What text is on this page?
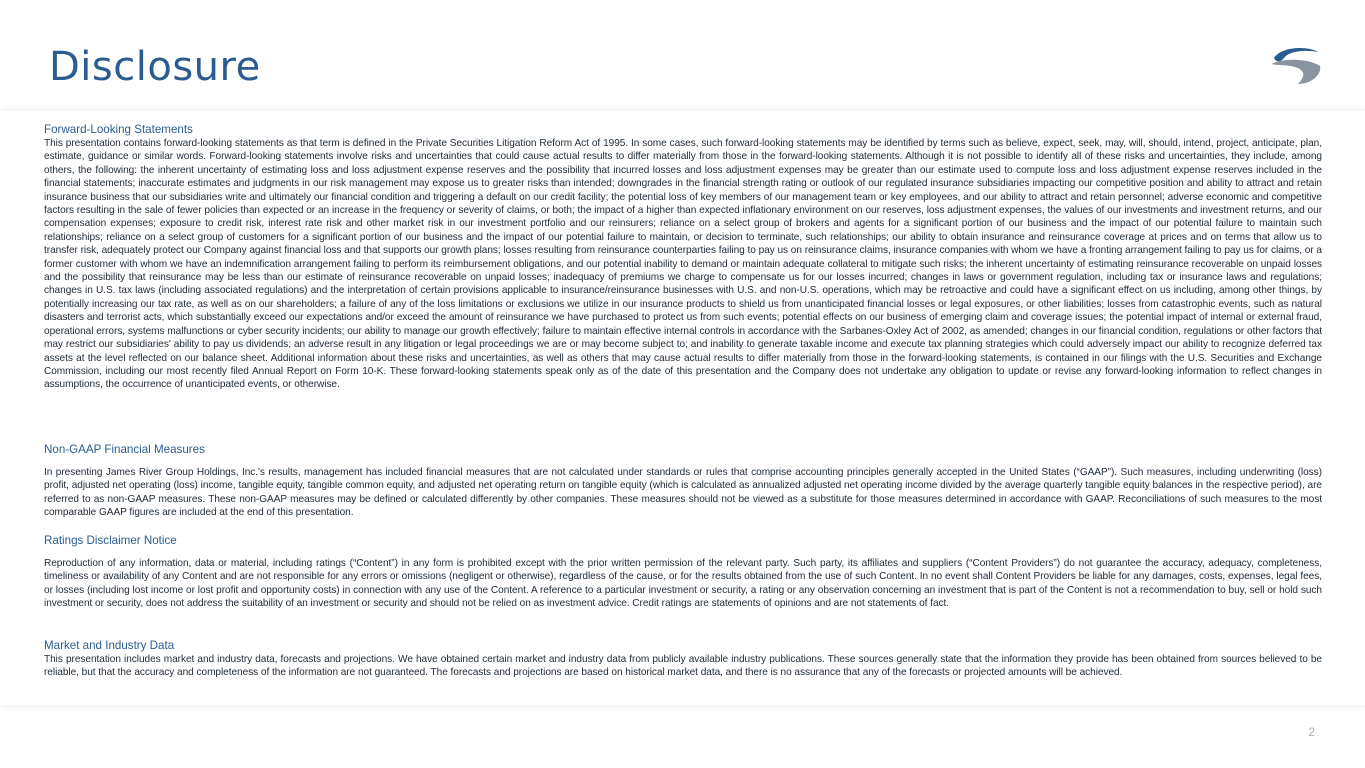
Disclosure

Forward-Looking Statements

This presentation contains forward-looking statements as that term is defined in the Private Securities Litigation Reform Act of 1995. In some cases, such forward-looking statements may be identified by terms such as believe, expect, seek, may, will, should, intend, project, anticipate, plan, estimate, guidance or similar words. Forward-looking statements involve risks and uncertainties that could cause actual results to differ materially from those in the forward-looking statements. Although it is not possible to identify all of these risks and uncertainties, they include, among others, the following: the inherent uncertainty of estimating loss and loss adjustment expense reserves and the possibility that incurred losses and loss adjustment expenses may be greater than our estimate used to compute loss and loss adjustment expense reserves included in the financial statements; inaccurate estimates and judgments in our risk management may expose us to greater risks than intended; downgrades in the financial strength rating or outlook of our regulated insurance subsidiaries impacting our competitive position and ability to attract and retain insurance business that our subsidiaries write and ultimately our financial condition and triggering a default on our credit facility; the potential loss of key members of our management team or key employees, and our ability to attract and retain personnel; adverse economic and competitive factors resulting in the sale of fewer policies than expected or an increase in the frequency or severity of claims, or both; the impact of a higher than expected inflationary environment on our reserves, loss adjustment expenses, the values of our investments and investment returns, and our compensation expenses; exposure to credit risk, interest rate risk and other market risk in our investment portfolio and our reinsurers; reliance on a select group of brokers and agents for a significant portion of our business and the impact of our potential failure to maintain such relationships; reliance on a select group of customers for a significant portion of our business and the impact of our potential failure to maintain, or decision to terminate, such relationships; our ability to obtain insurance and reinsurance coverage at prices and on terms that allow us to transfer risk, adequately protect our Company against financial loss and that supports our growth plans; losses resulting from reinsurance counterparties failing to pay us on reinsurance claims, insurance companies with whom we have a fronting arrangement failing to pay us for claims, or a former customer with whom we have an indemnification arrangement failing to perform its reimbursement obligations, and our potential inability to demand or maintain adequate collateral to mitigate such risks; the inherent uncertainty of estimating reinsurance recoverable on unpaid losses and the possibility that reinsurance may be less than our estimate of reinsurance recoverable on unpaid losses; inadequacy of premiums we charge to compensate us for our losses incurred; changes in laws or government regulation, including tax or insurance laws and regulations; changes in U.S. tax laws (including associated regulations) and the interpretation of certain provisions applicable to insurance/reinsurance businesses with U.S. and non-U.S. operations, which may be retroactive and could have a significant effect on us including, among other things, by potentially increasing our tax rate, as well as on our shareholders; a failure of any of the loss limitations or exclusions we utilize in our insurance products to shield us from unanticipated financial losses or legal exposures, or other liabilities; losses from catastrophic events, such as natural disasters and terrorist acts, which substantially exceed our expectations and/or exceed the amount of reinsurance we have purchased to protect us from such events; potential effects on our business of emerging claim and coverage issues; the potential impact of internal or external fraud, operational errors, systems malfunctions or cyber security incidents; our ability to manage our growth effectively; failure to maintain effective internal controls in accordance with the Sarbanes-Oxley Act of 2002, as amended; changes in our financial condition, regulations or other factors that may restrict our subsidiaries' ability to pay us dividends; an adverse result in any litigation or legal proceedings we are or may become subject to; and inability to generate taxable income and execute tax planning strategies which could adversely impact our ability to recognize deferred tax assets at the level reflected on our balance sheet. Additional information about these risks and uncertainties, as well as others that may cause actual results to differ materially from those in the forward-looking statements, is contained in our filings with the U.S. Securities and Exchange Commission, including our most recently filed Annual Report on Form 10-K. These forward-looking statements speak only as of the date of this presentation and the Company does not undertake any obligation to update or revise any forward-looking information to reflect changes in assumptions, the occurrence of unanticipated events, or otherwise.

Non-GAAP Financial Measures

In presenting James River Group Holdings, Inc.'s results, management has included financial measures that are not calculated under standards or rules that comprise accounting principles generally accepted in the United States (“GAAP”). Such measures, including underwriting (loss) profit, adjusted net operating (loss) income, tangible equity, tangible common equity, and adjusted net operating return on tangible equity (which is calculated as annualized adjusted net operating income divided by the average quarterly tangible equity balances in the respective period), are referred to as non-GAAP measures. These non-GAAP measures may be defined or calculated differently by other companies. These measures should not be viewed as a substitute for those measures determined in accordance with GAAP. Reconciliations of such measures to the most comparable GAAP figures are included at the end of this presentation.

Ratings Disclaimer Notice

Reproduction of any information, data or material, including ratings (“Content”) in any form is prohibited except with the prior written permission of the relevant party. Such party, its affiliates and suppliers (“Content Providers”) do not guarantee the accuracy, adequacy, completeness, timeliness or availability of any Content and are not responsible for any errors or omissions (negligent or otherwise), regardless of the cause, or for the results obtained from the use of such Content. In no event shall Content Providers be liable for any damages, costs, expenses, legal fees, or losses (including lost income or lost profit and opportunity costs) in connection with any use of the Content. A reference to a particular investment or security, a rating or any observation concerning an investment that is part of the Content is not a recommendation to buy, sell or hold such investment or security, does not address the suitability of an investment or security and should not be relied on as investment advice. Credit ratings are statements of opinions and are not statements of fact.

Market and Industry Data

This presentation includes market and industry data, forecasts and projections. We have obtained certain market and industry data from publicly available industry publications. These sources generally state that the information they provide has been obtained from sources believed to be reliable, but that the accuracy and completeness of the information are not guaranteed. The forecasts and projections are based on historical market data, and there is no assurance that any of the forecasts or projected amounts will be achieved.

2
